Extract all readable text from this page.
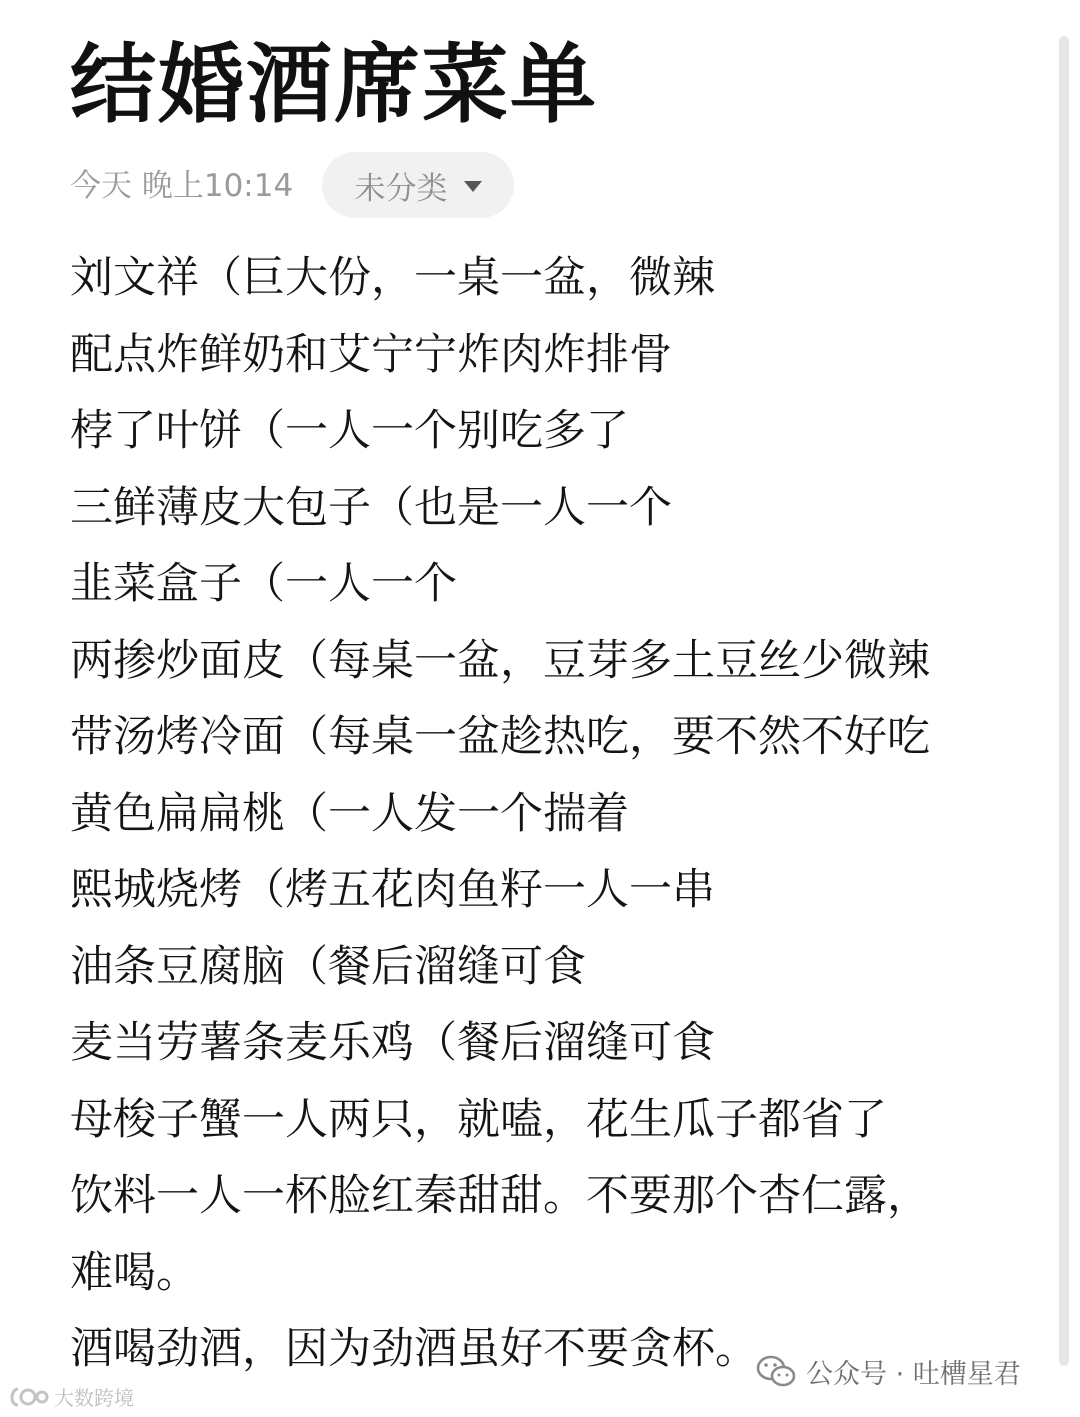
结婚酒席菜单
今天 晚上10:14 未分类
刘文祥（巨大份，一桌一盆，微辣
配点炸鲜奶和艾宁宁炸肉炸排骨
桲了叶饼（一人一个别吃多了
三鲜薄皮大包子（也是一人一个
韭菜盒子（一人一个
两掺炒面皮（每桌一盆，豆芽多土豆丝少微辣
带汤烤冷面（每桌一盆趁热吃，要不然不好吃
黄色扁扁桃（一人发一个揣着
熙城烧烤（烤五花肉鱼籽一人一串
油条豆腐脑（餐后溜缝可食
麦当劳薯条麦乐鸡（餐后溜缝可食
母梭子蟹一人两只，就嗑，花生瓜子都省了
饮料一人一杯脸红秦甜甜。不要那个杏仁露，
难喝。
酒喝劲酒，因为劲酒虽好不要贪杯。
大数跨境
公众号 · 吐槽星君
